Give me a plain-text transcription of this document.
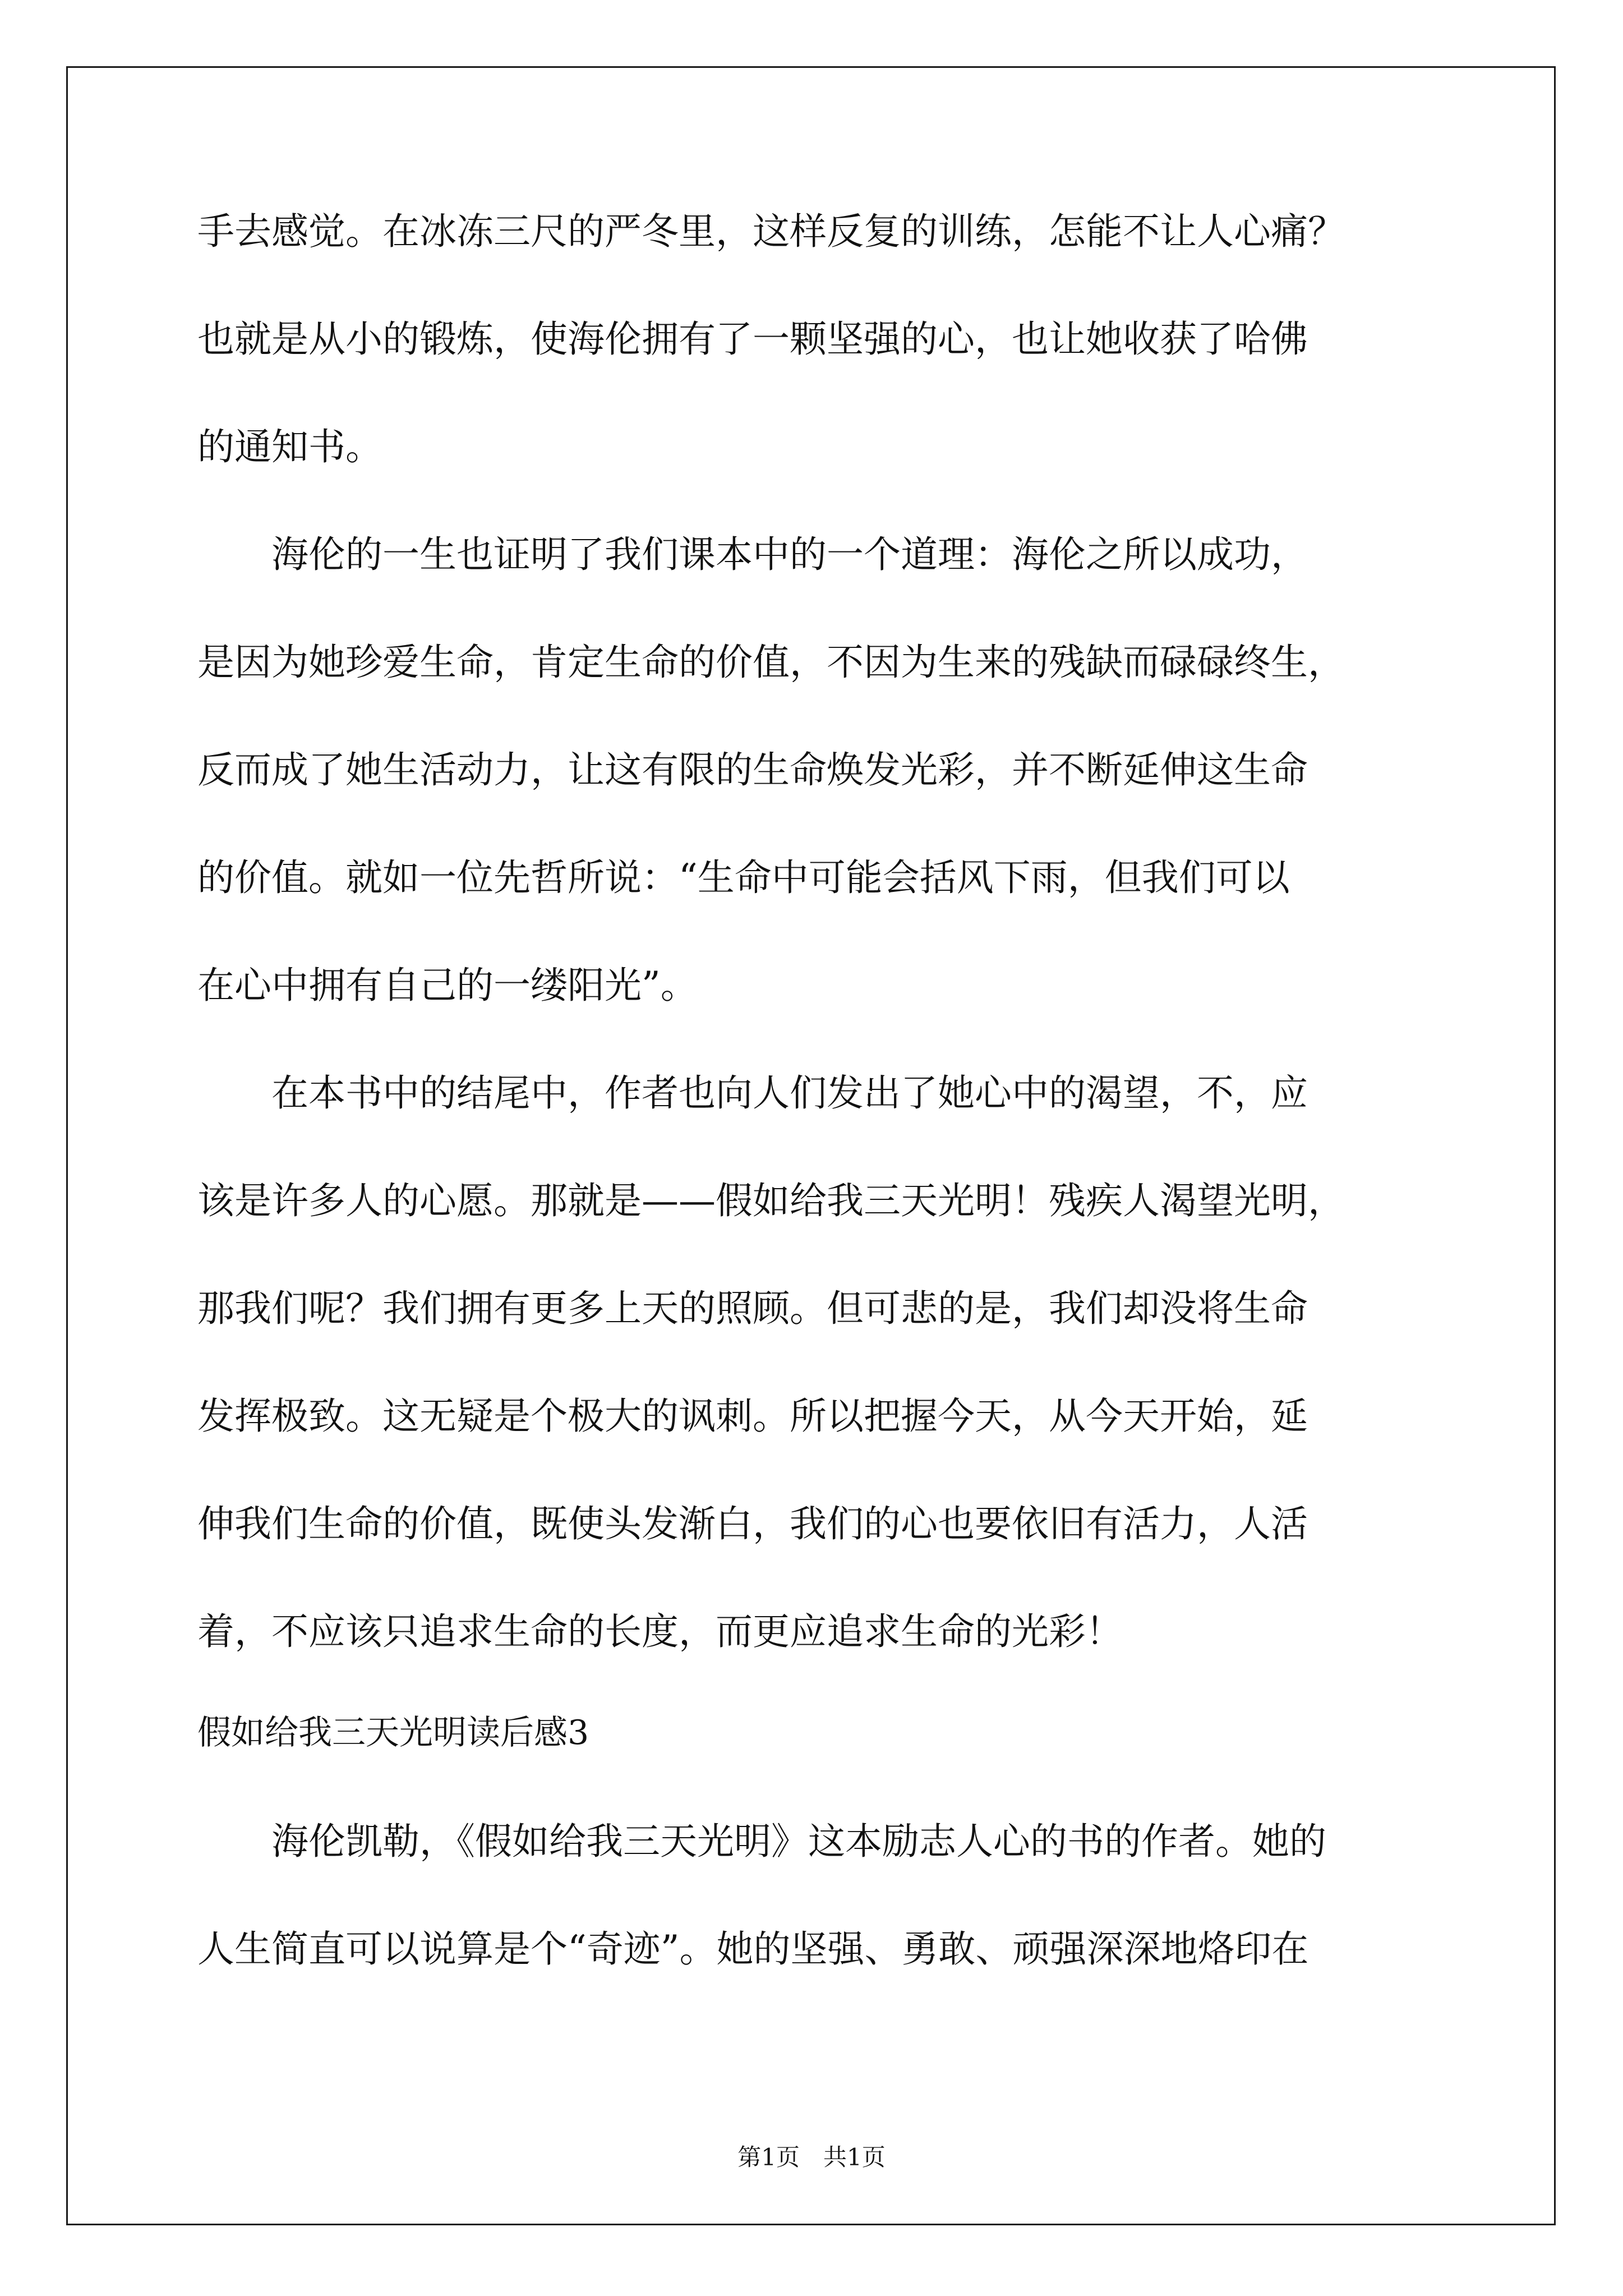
手去感觉。在冰冻三尺的严冬里，这样反复的训练，怎能不让人心痛？
也就是从小的锻炼，使海伦拥有了一颗坚强的心，也让她收获了哈佛
的通知书。
　　海伦的一生也证明了我们课本中的一个道理：海伦之所以成功，
是因为她珍爱生命，肯定生命的价值，不因为生来的残缺而碌碌终生，
反而成了她生活动力，让这有限的生命焕发光彩，并不断延伸这生命
的价值。就如一位先哲所说：“生命中可能会括风下雨，但我们可以
在心中拥有自己的一缕阳光”。
　　在本书中的结尾中，作者也向人们发出了她心中的渴望，不，应
该是许多人的心愿。那就是——假如给我三天光明！残疾人渴望光明，
那我们呢？我们拥有更多上天的照顾。但可悲的是，我们却没将生命
发挥极致。这无疑是个极大的讽刺。所以把握今天，从今天开始，延
伸我们生命的价值，既使头发渐白，我们的心也要依旧有活力，人活
着，不应该只追求生命的长度，而更应追求生命的光彩！
假如给我三天光明读后感3
　　海伦凯勒，《假如给我三天光明》这本励志人心的书的作者。她的
人生简直可以说算是个“奇迹”。她的坚强、勇敢、顽强深深地烙印在
第1页　共1页
